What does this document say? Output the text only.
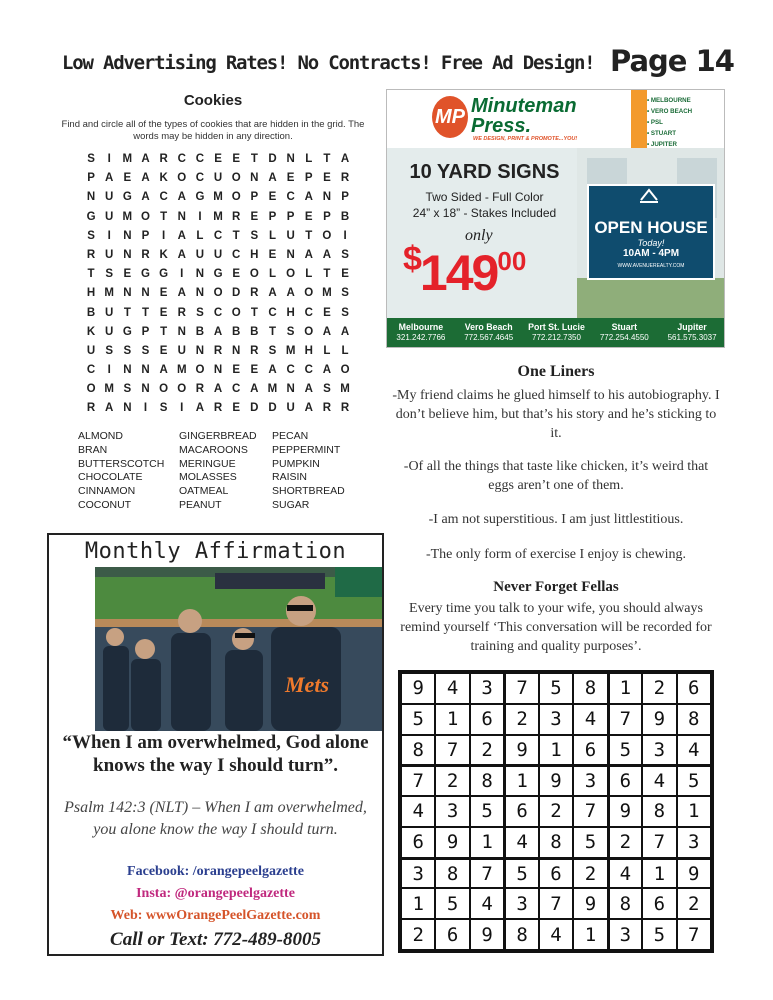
Low Advertising Rates! No Contracts! Free Ad Design! Page 14
Cookies
Find and circle all of the types of cookies that are hidden in the grid. The words may be hidden in any direction.
S	I	M A R C C E E T D N L T A
P A E A K O C U O N A E P E R
N U G A C A G M O P E C A N P
G U M O T N	I	M R E P P E P B
S	I	N P	I	A L C T S L U T O	I
R U N R K A U U C H E N A A S
T S E G G	I	N G E O L O L T E
H M N N E A N O D R A A O M S
B U T T E R S C O T C H C E S
K U G P T N B A B B T S O A A
U S S S E U N R N R S M H L L
C	I	N N A M O N E E A C C A O
O M S N O O R A C A M N A S M
R A N	I	S	I	A R E D D U A R R
ALMOND
BRAN
BUTTERSCOTCH
CHOCOLATE
CINNAMON
COCONUT
GINGERBREAD
MACAROONS
MERINGUE
MOLASSES
OATMEAL
PEANUT
PECAN
PEPPERMINT
PUMPKIN
RAISIN
SHORTBREAD
SUGAR
MP Minuteman
Press.
WE DESIGN, PRINT & PROMOTE...YOU!
• MELBOURNE
• VERO BEACH
• PSL
• STUART
• JUPITER
10 YARD SIGNS
Two Sided - Full Color
24” x 18” - Stakes Included
only
$^{\$}149^{00}$
OPEN HOUSE
Today!
10AM - 4PM
WWW.AVENUEREALTY.COM
Melbourne
321.242.7766
Vero Beach
772.567.4645
Port St. Lucie
772.212.7350
Stuart
772.254.4550
Jupiter
561.575.3037
One Liners
-My friend claims he glued himself to his autobiography. I don’t believe him, but that’s his story and he’s sticking to it.
-Of all the things that taste like chicken, it’s weird that eggs aren’t one of them.
-I am not superstitious. I am just littlestitious.
-The only form of exercise I enjoy is chewing.
Never Forget Fellas
Every time you talk to your wife, you should always remind yourself ‘This conversation will be recorded for training and quality purposes’.
9	4	3	7	5	8	1	2	6
5	1	6	2	3	4	7	9	8
8	7	2	9	1	6	5	3	4
7	2	8	1	9	3	6	4	5
4	3	5	6	2	7	9	8	1
6	9	1	4	8	5	2	7	3
3	8	7	5	6	2	4	1	9
1	5	4	3	7	9	8	6	2
2	6	9	8	4	1	3	5	7
Monthly Affirmation
Mets
“When I am overwhelmed, God alone knows the way I should turn”.
Psalm 142:3 (NLT) – When I am overwhelmed, you alone know the way I should turn.
Facebook: /orangepeelgazette
Insta: @orangepeelgazette
Web: wwwOrangePeelGazette.com
Call or Text: 772-489-8005
